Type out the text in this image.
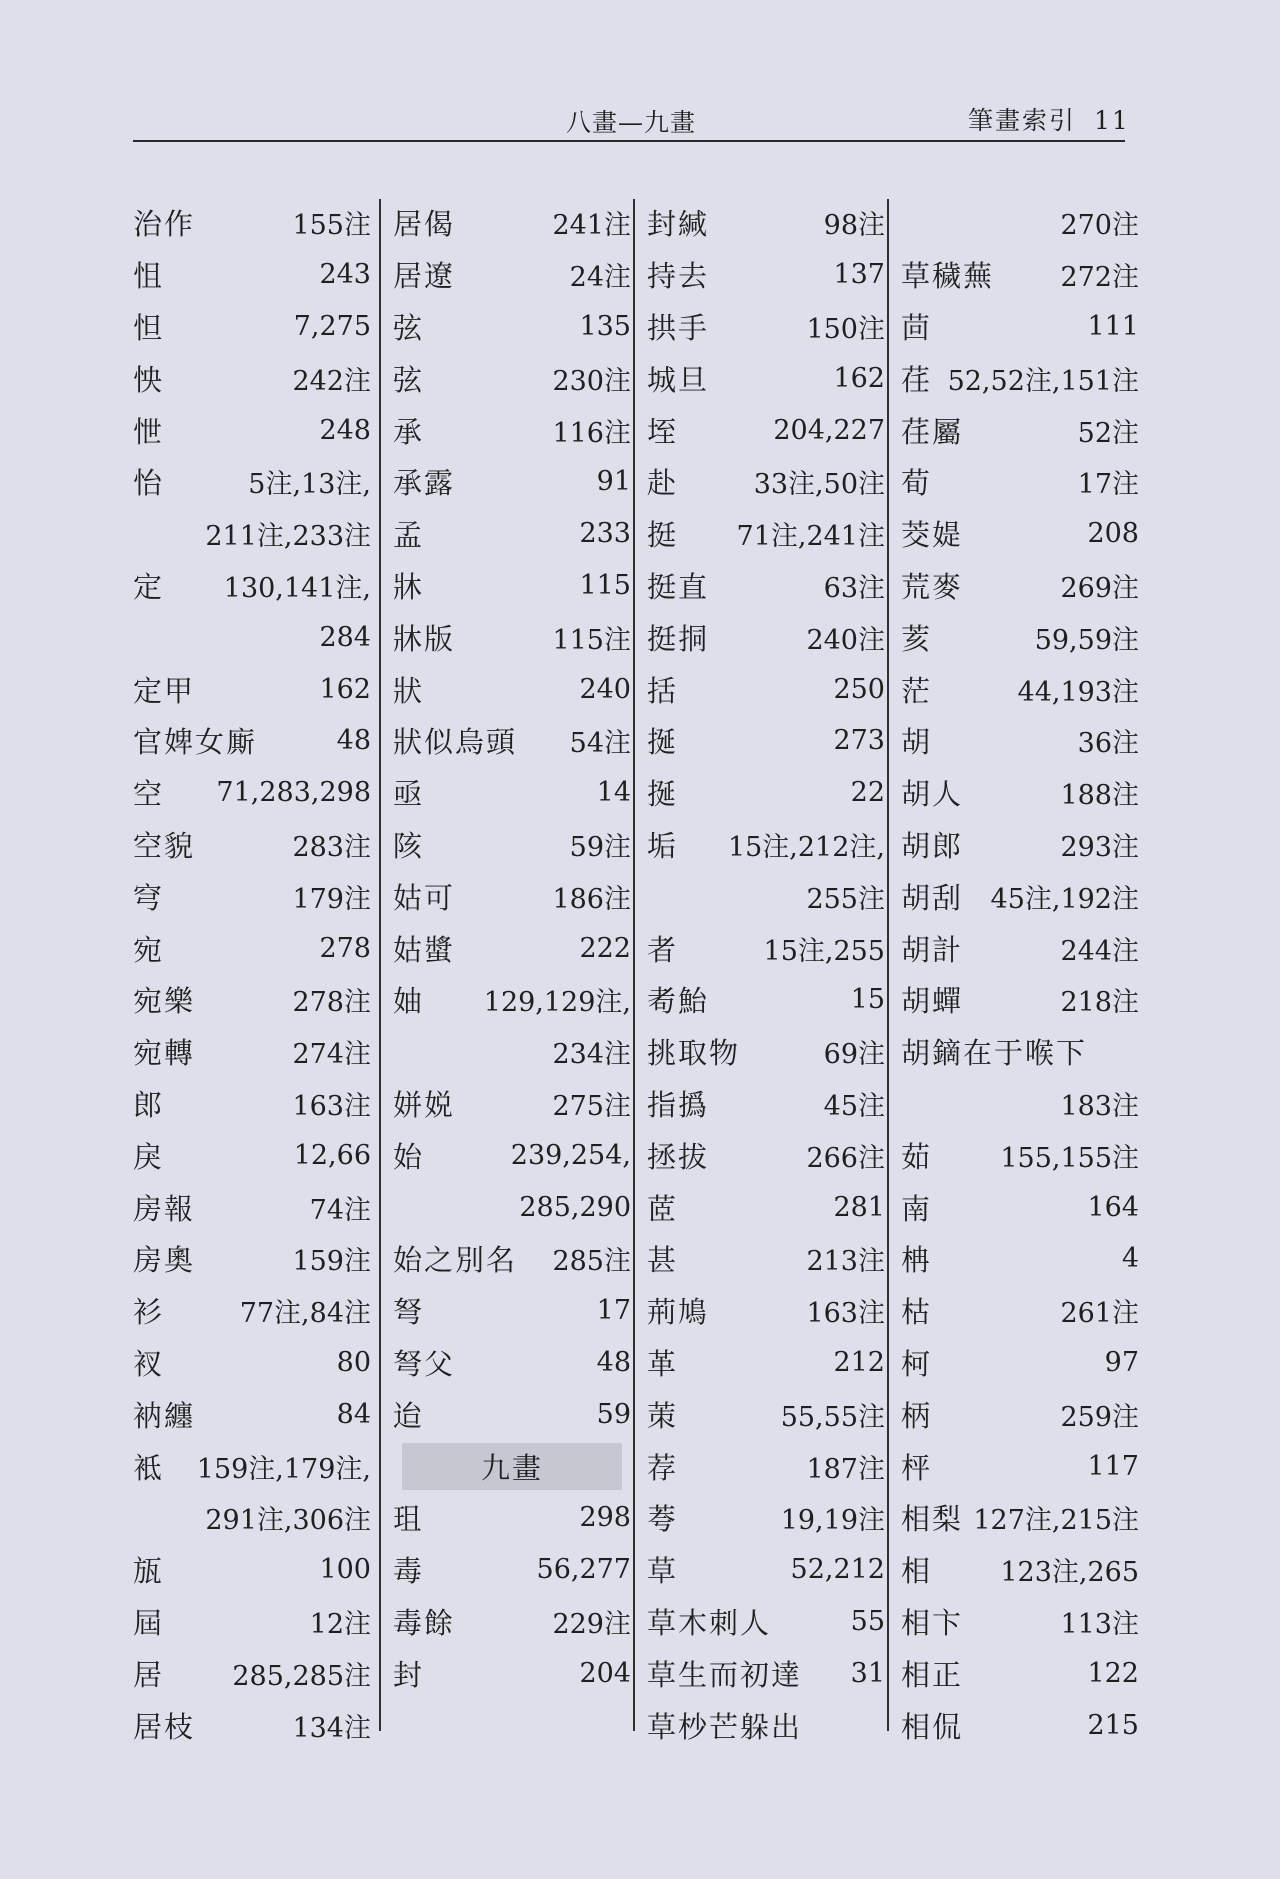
八畫—九畫	筆畫索引 11
治作	155注
怚	243
怛	7,275
怏	242注
怈	248
怡	5注,13注,
211注,233注
定 130,141注,
284
定甲	162
官婢女廝	48
空 71,283,298
空貌	283注
穹	179注
宛	278
宛樂	278注
宛轉	274注
郎	163注
戾	12,66
房報	74注
房奧	159注
衫	77注,84注
衩	80
衲纏	84
袛 159注,179注,
291注,306注
瓬	100
屆	12注
居	285,285注
居枝	134注
居偈	241注
居遼	24注
弦	135
弦	230注
承	116注
承露	91
孟	233
牀	115
牀版	115注
狀	240
狀似烏頭 54注
亟	14
陔	59注
姑可	186注
姑螿	222
妯 129,129注,
234注
姘娧	275注
始	239,254,
285,290
始之別名 285注
弩	17
弩父	48
迨	59
九畫
珇	298
毒	56,277
毒餘	229注
封	204
封緘	98注
持去	137
拱手	150注
城旦	162
垤	204,227
赴	33注,50注
挺 71注,241注
挺直	63注
挺挏	240注
括	250
挻	273
挻	22
垢 15注,212注,
255注
者	15注,255
耇鮐	15
挑取物	69注
指撝	45注
拯拔	266注
茝	281
甚	213注
荊鳩	163注
革	212
茦	55,55注
荐	187注
荂	19,19注
草	52,212
草木刺人	55
草生而初達 31
草杪芒躲出
270注
草穢蕪 272注
茴	111
荏 52,52注,151注
荏屬	52注
荀	17注
茭媞	208
荒麥	269注
荄	59,59注
茫	44,193注
胡	36注
胡人	188注
胡郎	293注
胡刮 45注,192注
胡計	244注
胡蟬	218注
胡鏑在于喉下
183注
茹	155,155注
南	164
柟	4
枯	261注
柯	97
柄	259注
枰	117
相梨 127注,215注
相	123注,265
相卞	113注
相正	122
相侃	215
